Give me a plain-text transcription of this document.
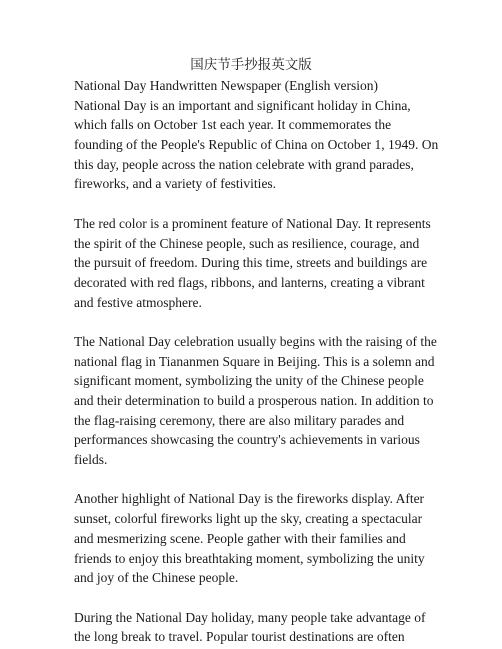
国庆节手抄报英文版
National Day Handwritten Newspaper (English version)
National Day is an important and significant holiday in China,
which falls on October 1st each year. It commemorates the
founding of the People's Republic of China on October 1, 1949. On
this day, people across the nation celebrate with grand parades,
fireworks, and a variety of festivities.
The red color is a prominent feature of National Day. It represents
the spirit of the Chinese people, such as resilience, courage, and
the pursuit of freedom. During this time, streets and buildings are
decorated with red flags, ribbons, and lanterns, creating a vibrant
and festive atmosphere.
The National Day celebration usually begins with the raising of the
national flag in Tiananmen Square in Beijing. This is a solemn and
significant moment, symbolizing the unity of the Chinese people
and their determination to build a prosperous nation. In addition to
the flag-raising ceremony, there are also military parades and
performances showcasing the country's achievements in various
fields.
Another highlight of National Day is the fireworks display. After
sunset, colorful fireworks light up the sky, creating a spectacular
and mesmerizing scene. People gather with their families and
friends to enjoy this breathtaking moment, symbolizing the unity
and joy of the Chinese people.
During the National Day holiday, many people take advantage of
the long break to travel. Popular tourist destinations are often
